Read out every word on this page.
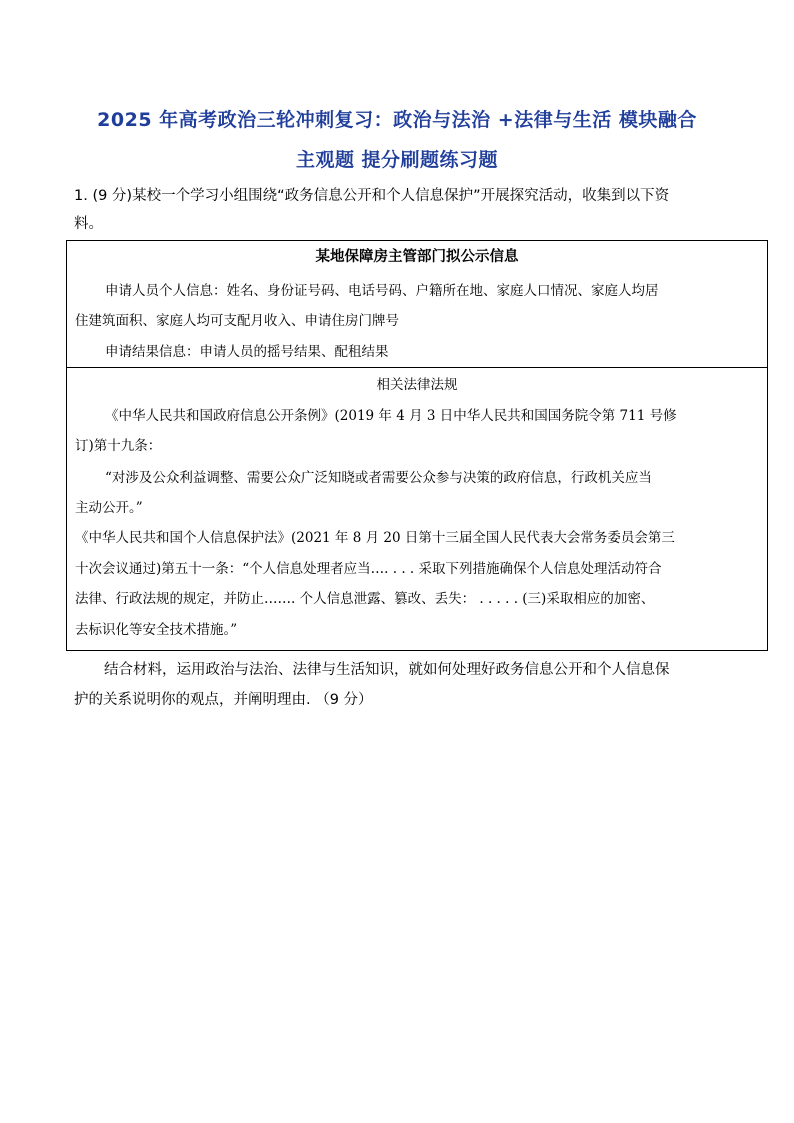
2025 年高考政治三轮冲刺复习：政治与法治 +法律与生活 模块融合
主观题 提分刷题练习题
1. (9 分)某校一个学习小组围绕“政务信息公开和个人信息保护”开展探究活动，收集到以下资
料。
某地保障房主管部门拟公示信息
申请人员个人信息：姓名、身份证号码、电话号码、户籍所在地、家庭人口情况、家庭人均居
住建筑面积、家庭人均可支配月收入、申请住房门牌号
申请结果信息：申请人员的摇号结果、配租结果
相关法律法规
《中华人民共和国政府信息公开条例》(2019 年 4 月 3 日中华人民共和国国务院令第 711 号修
订)第十九条：
“对涉及公众利益调整、需要公众广泛知晓或者需要公众参与决策的政府信息，行政机关应当
主动公开。”
《中华人民共和国个人信息保护法》(2021 年 8 月 20 日第十三届全国人民代表大会常务委员会第三
十次会议通过)第五十一条：“个人信息处理者应当…. . . . 采取下列措施确保个人信息处理活动符合
法律、行政法规的规定，并防止……. 个人信息泄露、篡改、丢失： . . . . . (三)采取相应的加密、
去标识化等安全技术措施。”
结合材料，运用政治与法治、法律与生活知识，就如何处理好政务信息公开和个人信息保
护的关系说明你的观点，并阐明理由. （9 分）
